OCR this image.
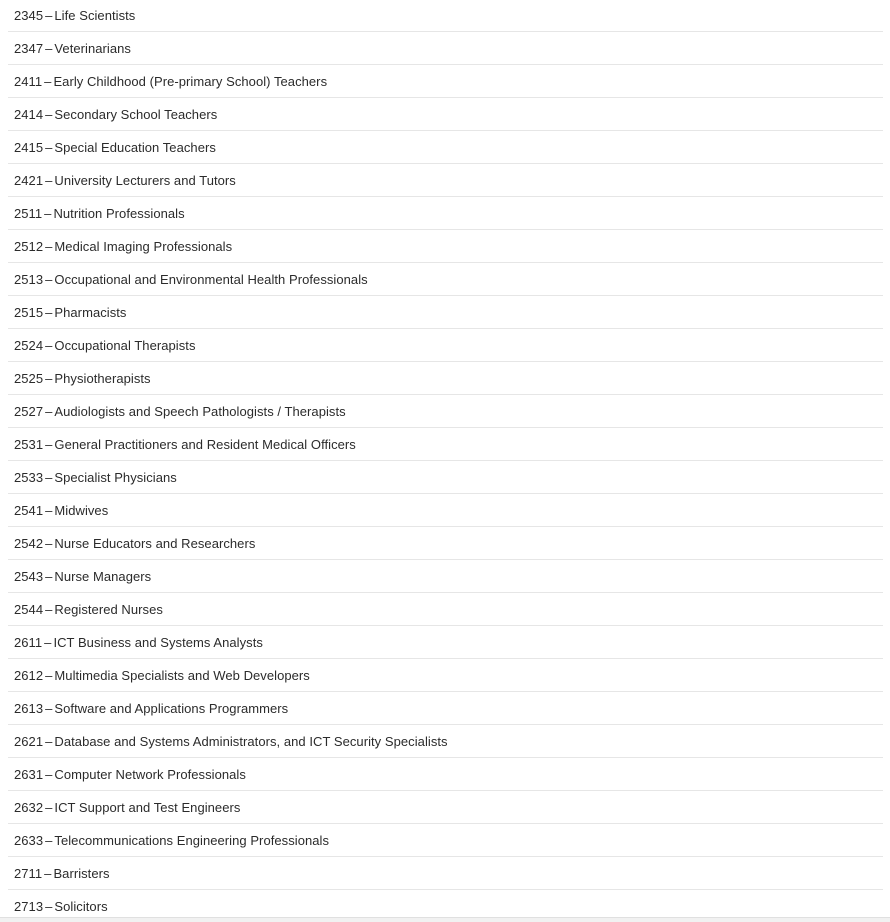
2345 – Life Scientists
2347 – Veterinarians
2411 – Early Childhood (Pre-primary School) Teachers
2414 – Secondary School Teachers
2415 – Special Education Teachers
2421 – University Lecturers and Tutors
2511 – Nutrition Professionals
2512 – Medical Imaging Professionals
2513 – Occupational and Environmental Health Professionals
2515 – Pharmacists
2524 – Occupational Therapists
2525 – Physiotherapists
2527 – Audiologists and Speech Pathologists / Therapists
2531 – General Practitioners and Resident Medical Officers
2533 – Specialist Physicians
2541 – Midwives
2542 – Nurse Educators and Researchers
2543 – Nurse Managers
2544 – Registered Nurses
2611 – ICT Business and Systems Analysts
2612 – Multimedia Specialists and Web Developers
2613 – Software and Applications Programmers
2621 – Database and Systems Administrators, and ICT Security Specialists
2631 – Computer Network Professionals
2632 – ICT Support and Test Engineers
2633 – Telecommunications Engineering Professionals
2711 – Barristers
2713 – Solicitors
